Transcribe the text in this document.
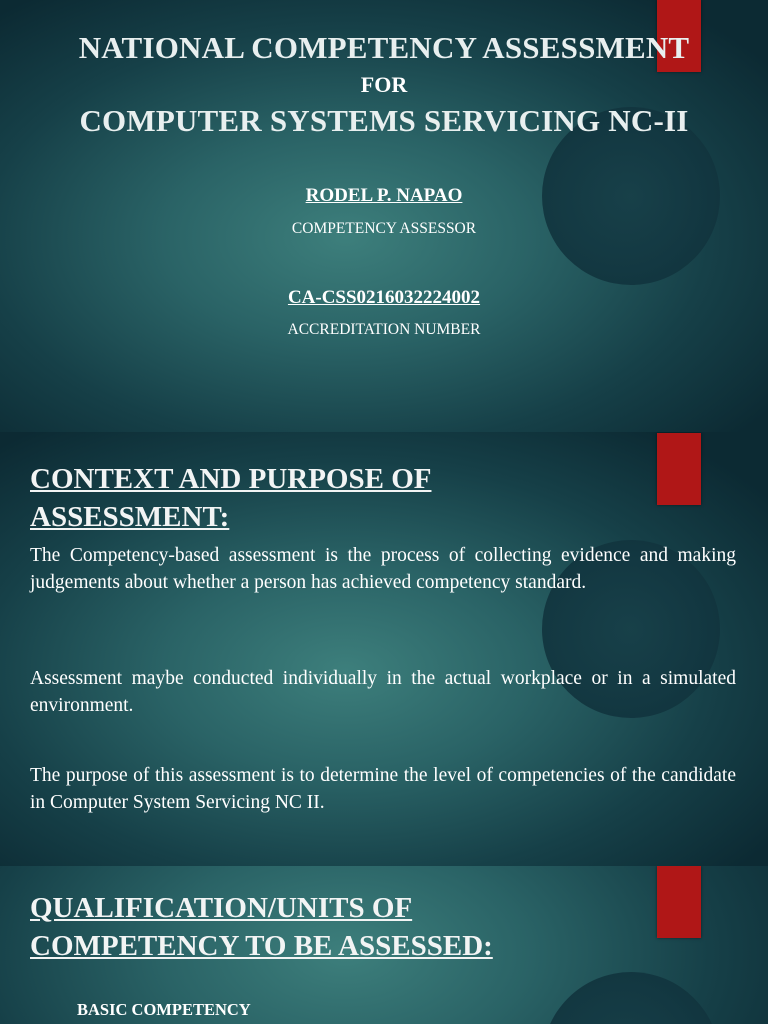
NATIONAL COMPETENCY ASSESSMENT
FOR
COMPUTER SYSTEMS SERVICING NC-II
RODEL P. NAPAO
COMPETENCY ASSESSOR
CA-CSS0216032224002
ACCREDITATION NUMBER
CONTEXT AND PURPOSE OF
ASSESSMENT:
The Competency-based assessment is the process of collecting evidence and making judgements about whether a person has achieved competency standard.
Assessment maybe conducted individually in the actual workplace or in a simulated environment.
The purpose of this assessment is to determine the level of competencies of the candidate in Computer System Servicing NC II.
QUALIFICATION/UNITS OF
COMPETENCY TO BE ASSESSED:
BASIC COMPETENCY
